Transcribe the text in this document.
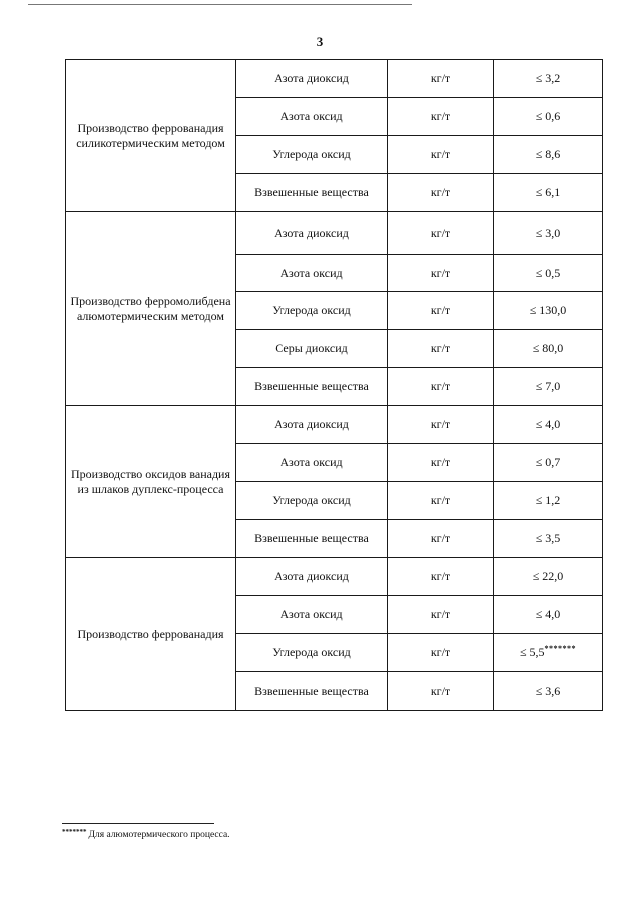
3
Производство феррованадия силикотермическим методом	Азота диоксид	кг/т	≤ 3,2
	Азота оксид	кг/т	≤ 0,6
	Углерода оксид	кг/т	≤ 8,6
	Взвешенные вещества	кг/т	≤ 6,1

Производство ферромолибдена алюмотермическим методом	Азота диоксид	кг/т	≤ 3,0
	Азота оксид	кг/т	≤ 0,5
	Углерода оксид	кг/т	≤ 130,0
	Серы диоксид	кг/т	≤ 80,0
	Взвешенные вещества	кг/т	≤ 7,0

Производство оксидов ванадия из шлаков дуплекс-процесса	Азота диоксид	кг/т	≤ 4,0
	Азота оксид	кг/т	≤ 0,7
	Углерода оксид	кг/т	≤ 1,2
	Взвешенные вещества	кг/т	≤ 3,5

Производство феррованадия	Азота диоксид	кг/т	≤ 22,0
	Азота оксид	кг/т	≤ 4,0
	Углерода оксид	кг/т	≤ 5,5*******
	Взвешенные вещества	кг/т	≤ 3,6
******* Для алюмотермического процесса.
